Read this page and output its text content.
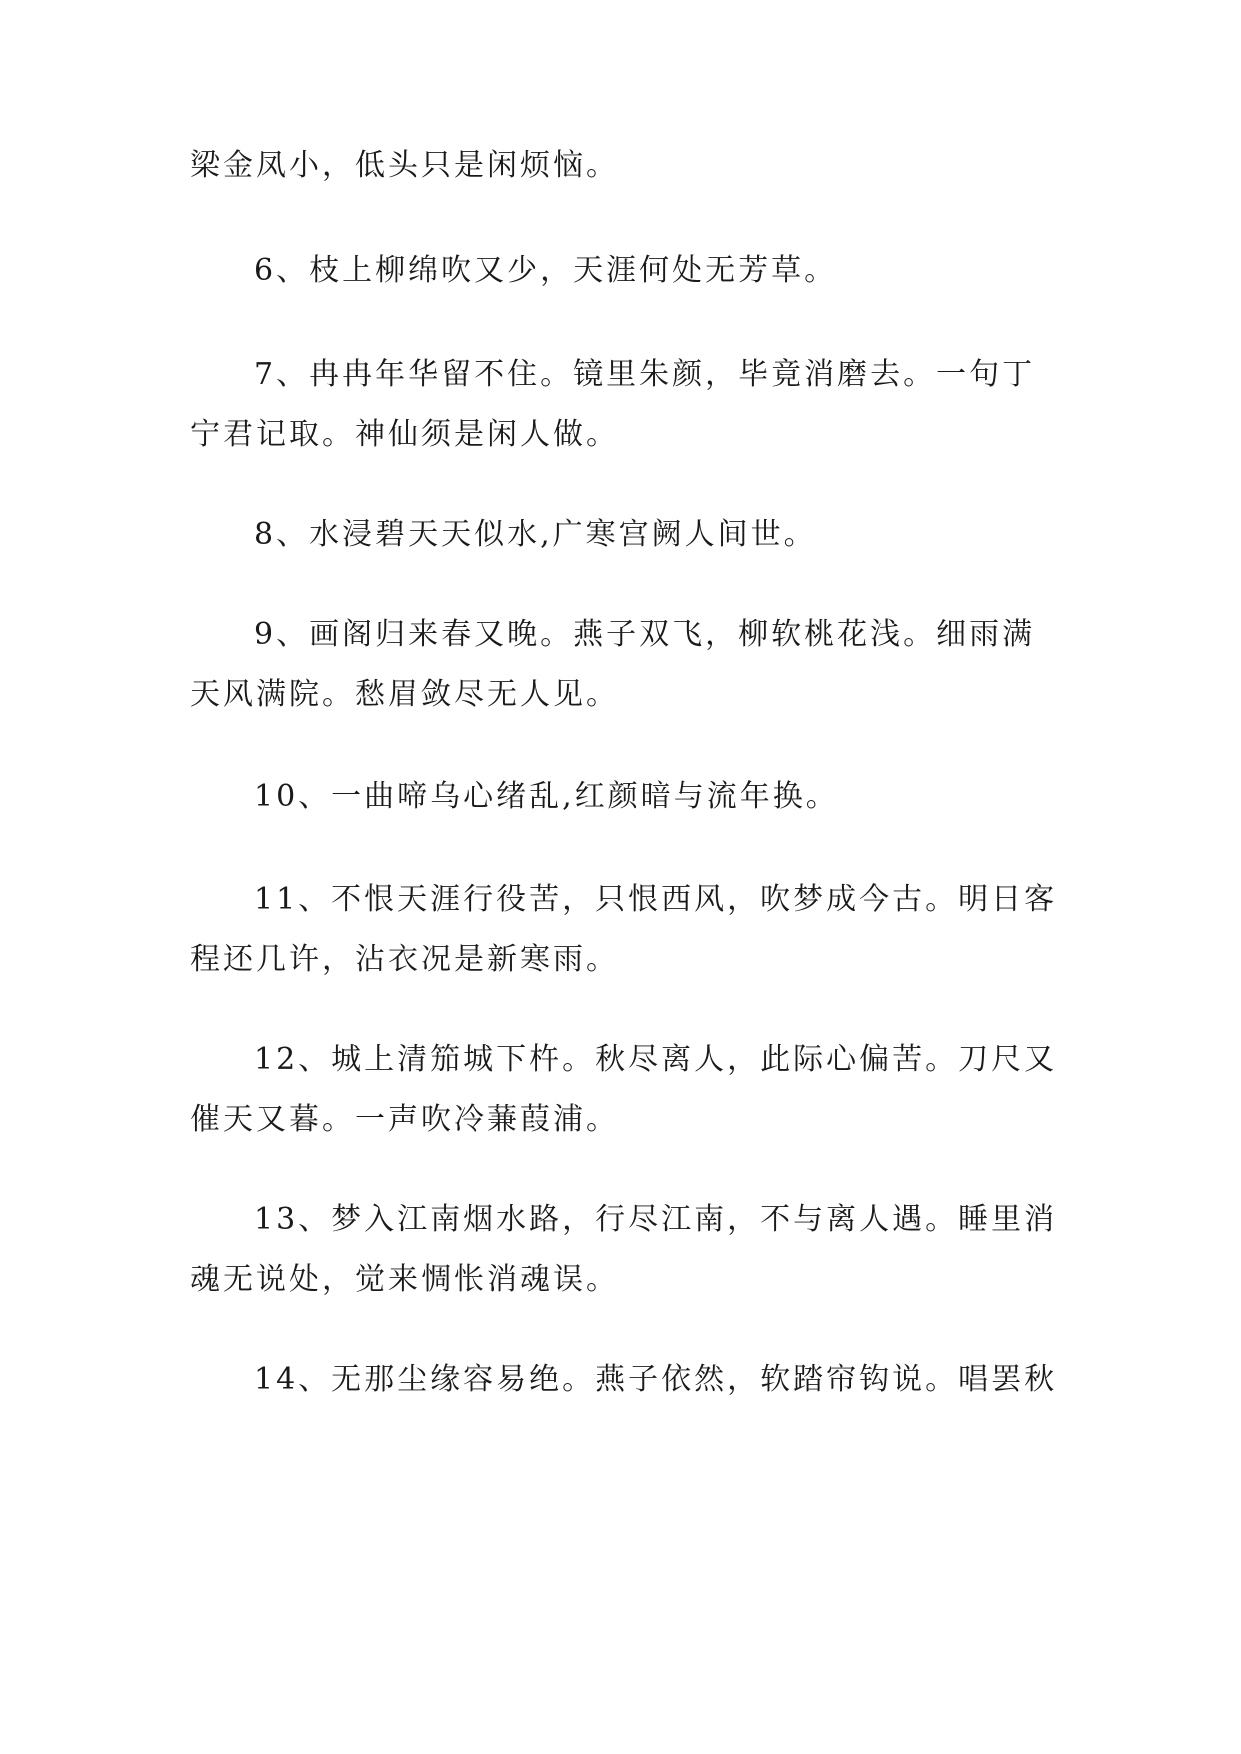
梁金凤小，低头只是闲烦恼。

6、枝上柳绵吹又少，天涯何处无芳草。

7、冉冉年华留不住。镜里朱颜，毕竟消磨去。一句丁宁君记取。神仙须是闲人做。

8、水浸碧天天似水,广寒宫阙人间世。

9、画阁归来春又晚。燕子双飞，柳软桃花浅。细雨满天风满院。愁眉敛尽无人见。

10、一曲啼乌心绪乱,红颜暗与流年换。

11、不恨天涯行役苦，只恨西风，吹梦成今古。明日客程还几许，沾衣况是新寒雨。

12、城上清笳城下杵。秋尽离人，此际心偏苦。刀尺又催天又暮。一声吹冷蒹葭浦。

13、梦入江南烟水路，行尽江南，不与离人遇。睡里消魂无说处，觉来惆怅消魂误。

14、无那尘缘容易绝。燕子依然，软踏帘钩说。唱罢秋
